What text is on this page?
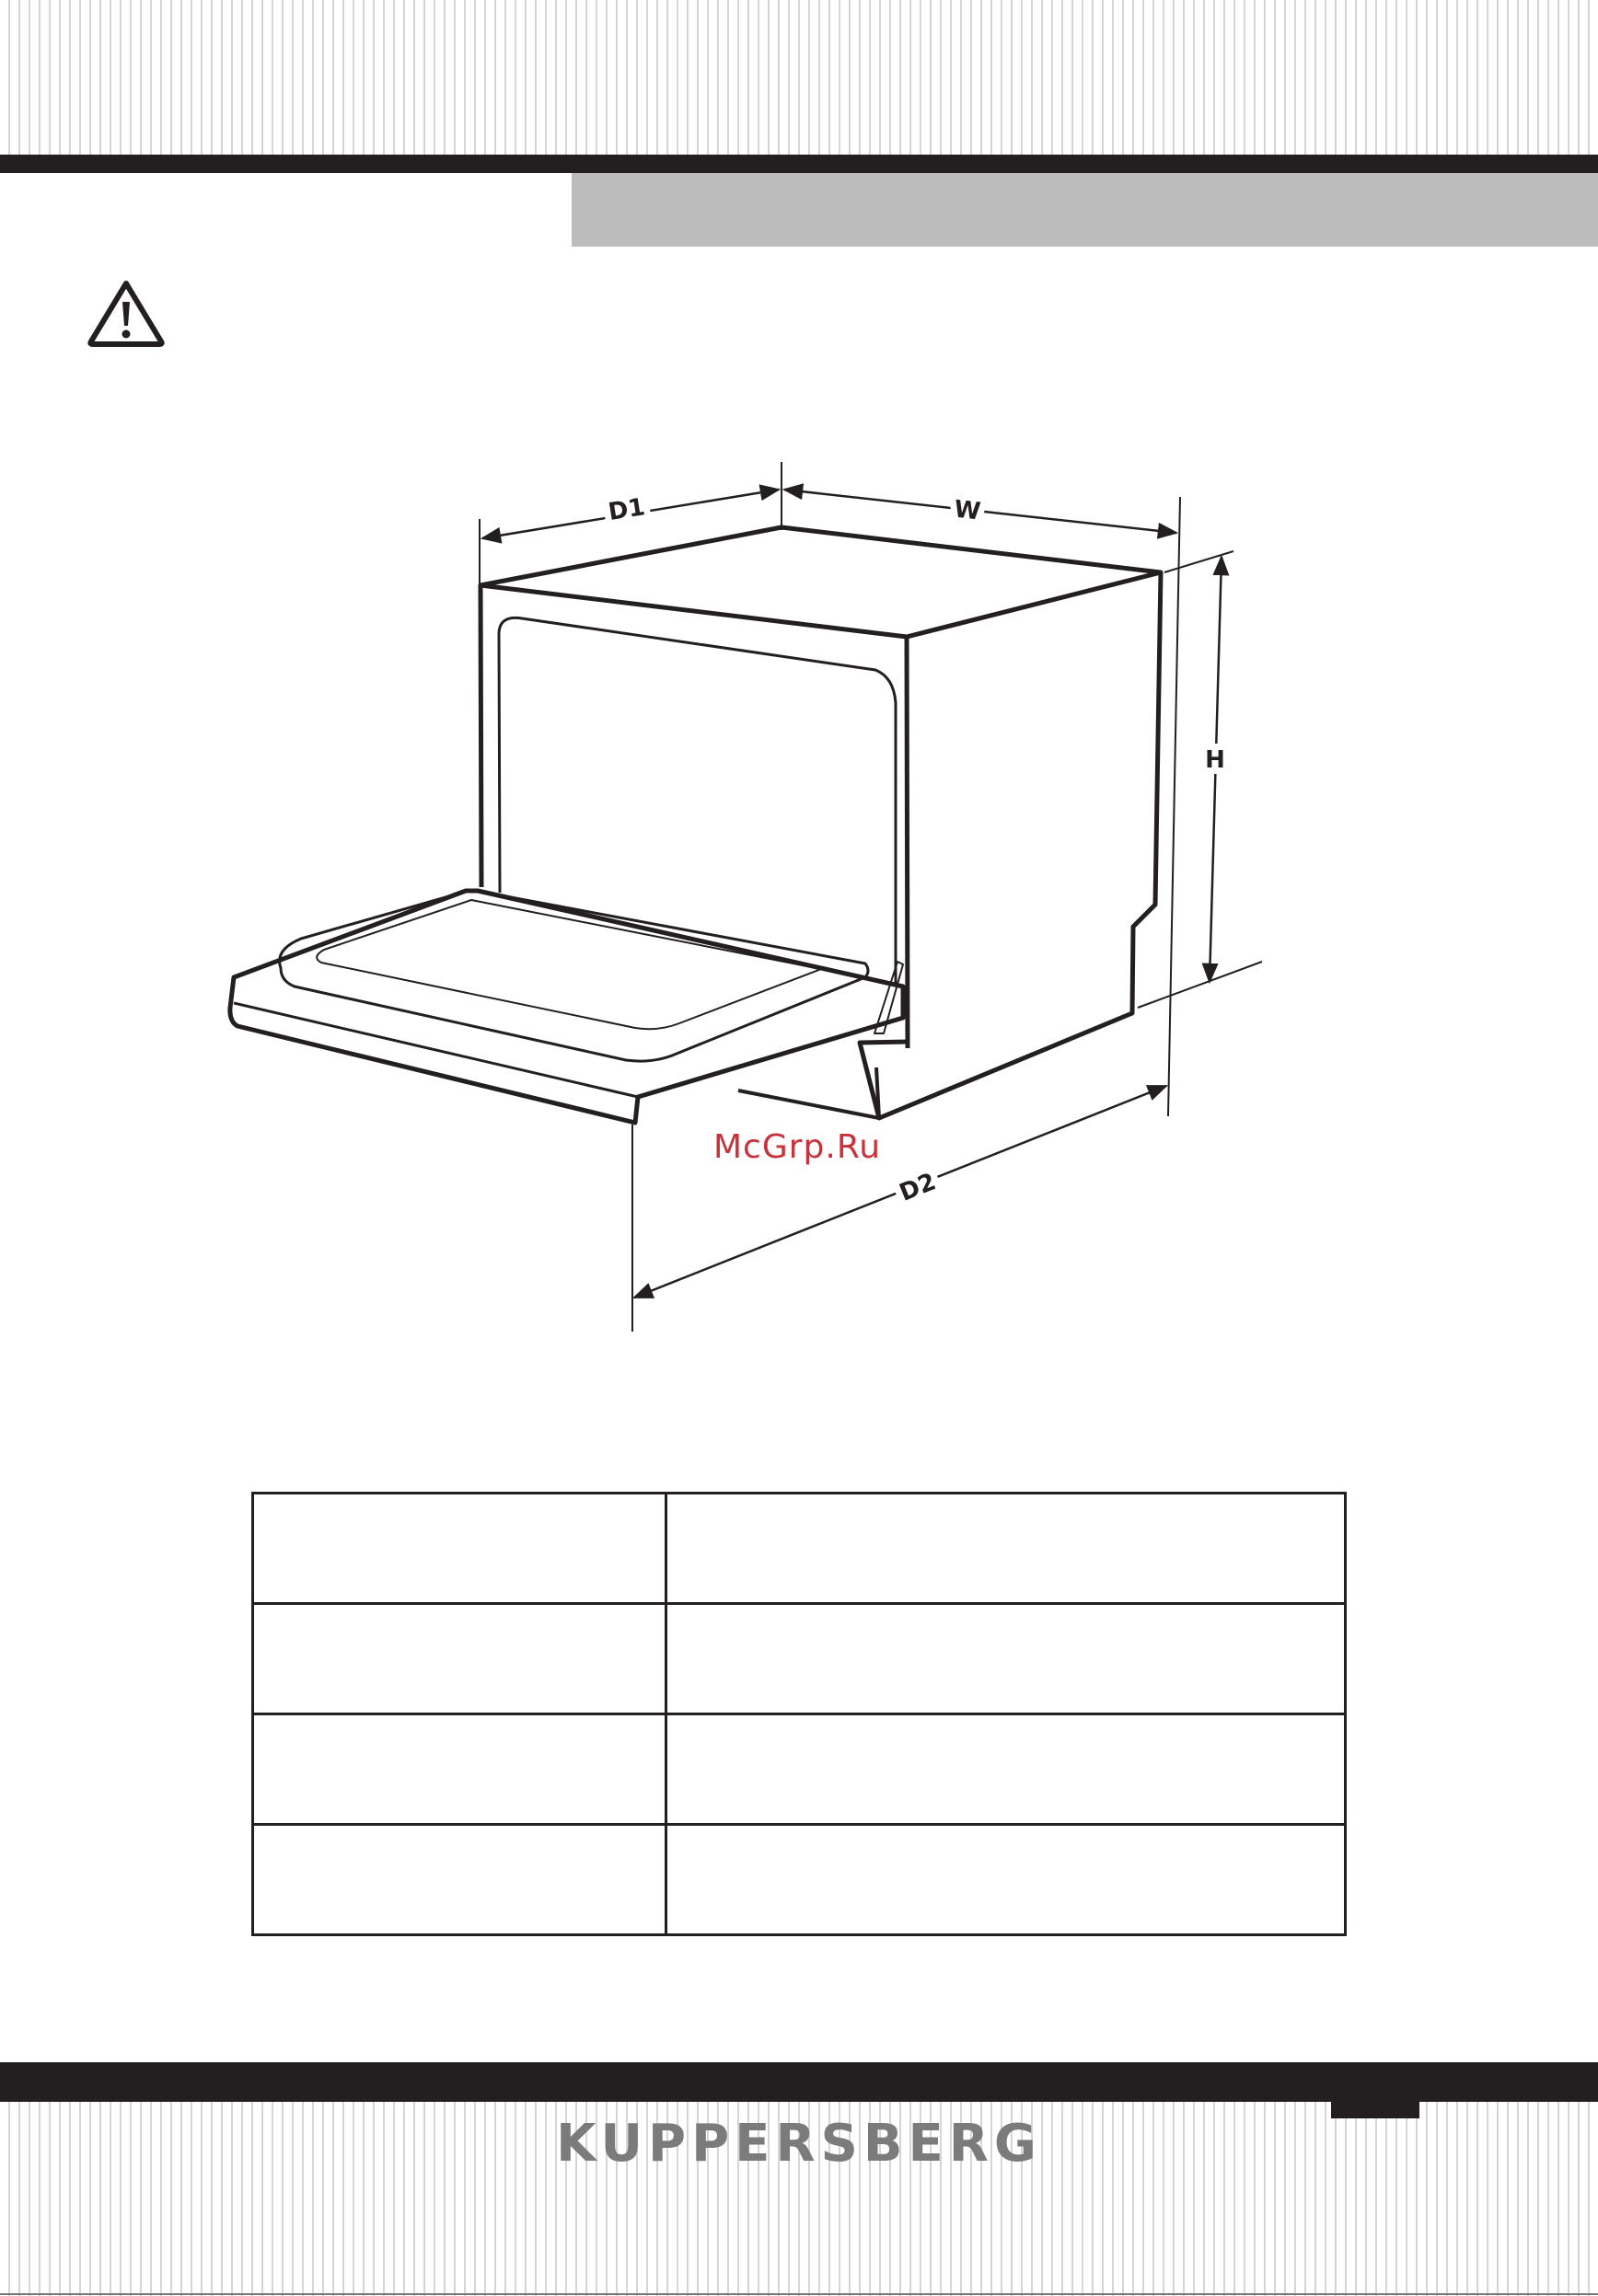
D1	W
H
D2
McGrp.Ru

KUPPERSBERG
